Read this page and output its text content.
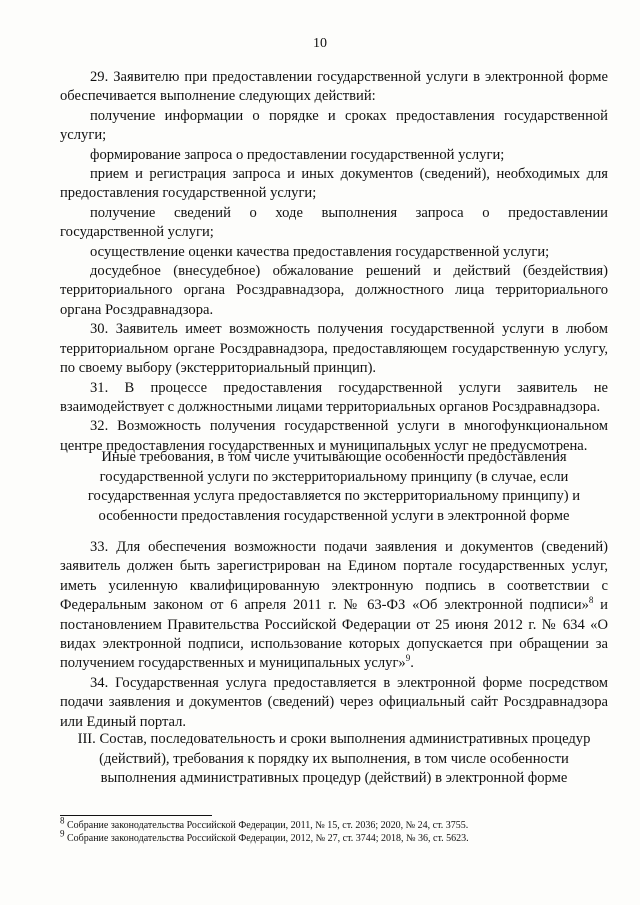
10

29. Заявителю при предоставлении государственной услуги в электронной форме обеспечивается выполнение следующих действий:

получение информации о порядке и сроках предоставления государственной услуги;

формирование запроса о предоставлении государственной услуги;

прием и регистрация запроса и иных документов (сведений), необходимых для предоставления государственной услуги;

получение сведений о ходе выполнения запроса о предоставлении государственной услуги;

осуществление оценки качества предоставления государственной услуги;

досудебное (внесудебное) обжалование решений и действий (бездействия) территориального органа Росздравнадзора, должностного лица территориального органа Росздравнадзора.

30. Заявитель имеет возможность получения государственной услуги в любом территориальном органе Росздравнадзора, предоставляющем государственную услугу, по своему выбору (экстерриториальный принцип).

31. В процессе предоставления государственной услуги заявитель не взаимодействует с должностными лицами территориальных органов Росздравнадзора.

32. Возможность получения государственной услуги в многофункциональном центре предоставления государственных и муниципальных услуг не предусмотрена.

Иные требования, в том числе учитывающие особенности предоставления
государственной услуги по экстерриториальному принципу (в случае, если
государственная услуга предоставляется по экстерриториальному принципу) и
особенности предоставления государственной услуги в электронной форме

33. Для обеспечения возможности подачи заявления и документов (сведений) заявитель должен быть зарегистрирован на Едином портале государственных услуг, иметь усиленную квалифицированную электронную подпись в соответствии с Федеральным законом от 6 апреля 2011 г. № 63-ФЗ «Об электронной подписи»$^8$ и постановлением Правительства Российской Федерации от 25 июня 2012 г. № 634 «О видах электронной подписи, использование которых допускается при обращении за получением государственных и муниципальных услуг»$^9$.

34. Государственная услуга предоставляется в электронной форме посредством подачи заявления и документов (сведений) через официальный сайт Росздравнадзора или Единый портал.

III. Состав, последовательность и сроки выполнения административных процедур
(действий), требования к порядку их выполнения, в том числе особенности
выполнения административных процедур (действий) в электронной форме
$^8$ Собрание законодательства Российской Федерации, 2011, № 15, ст. 2036; 2020, № 24, ст. 3755.
$^9$ Собрание законодательства Российской Федерации, 2012, № 27, ст. 3744; 2018, № 36, ст. 5623.
